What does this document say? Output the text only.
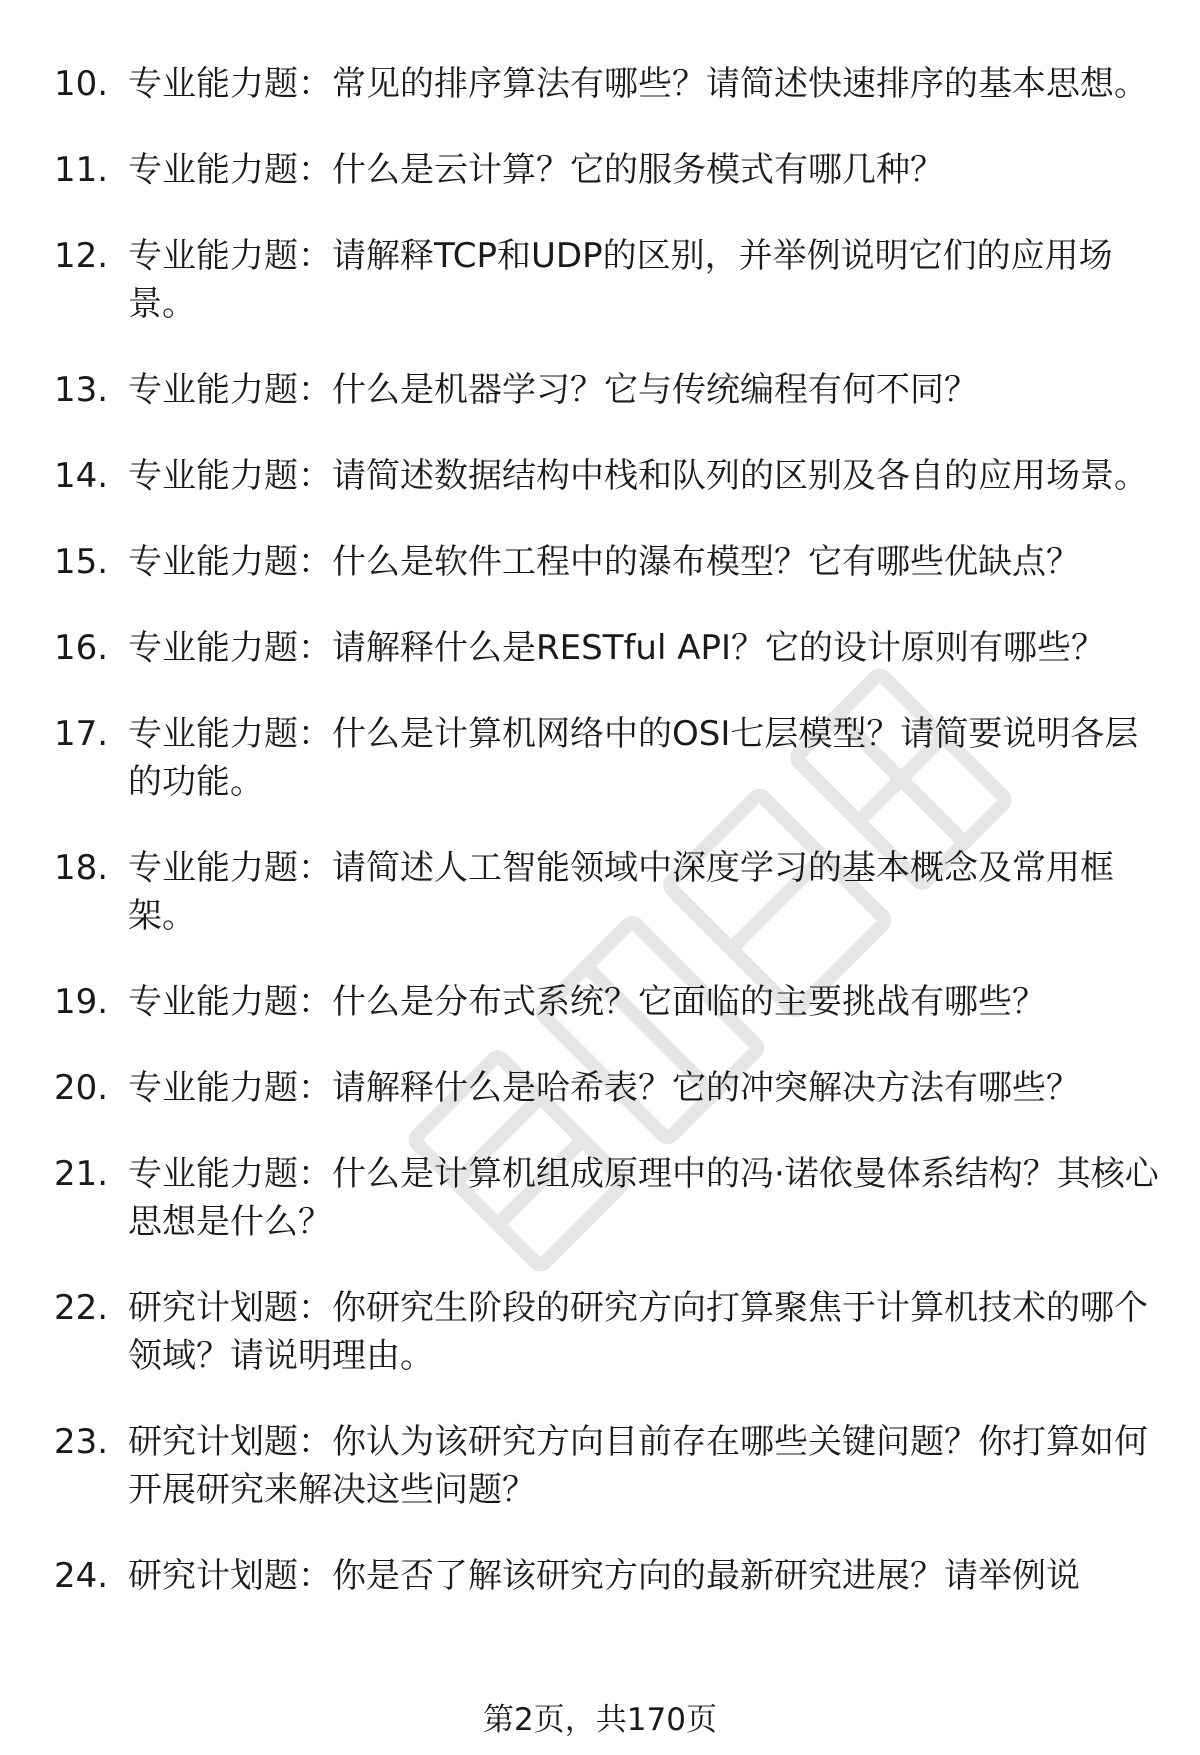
10. 专业能力题：常见的排序算法有哪些？请简述快速排序的基本思想。
11. 专业能力题：什么是云计算？它的服务模式有哪几种？
12. 专业能力题：请解释TCP和UDP的区别，并举例说明它们的应用场景。
13. 专业能力题：什么是机器学习？它与传统编程有何不同？
14. 专业能力题：请简述数据结构中栈和队列的区别及各自的应用场景。
15. 专业能力题：什么是软件工程中的瀑布模型？它有哪些优缺点？
16. 专业能力题：请解释什么是RESTful API？它的设计原则有哪些？
17. 专业能力题：什么是计算机网络中的OSI七层模型？请简要说明各层的功能。
18. 专业能力题：请简述人工智能领域中深度学习的基本概念及常用框架。
19. 专业能力题：什么是分布式系统？它面临的主要挑战有哪些？
20. 专业能力题：请解释什么是哈希表？它的冲突解决方法有哪些？
21. 专业能力题：什么是计算机组成原理中的冯·诺依曼体系结构？其核心思想是什么？
22. 研究计划题：你研究生阶段的研究方向打算聚焦于计算机技术的哪个领域？请说明理由。
23. 研究计划题：你认为该研究方向目前存在哪些关键问题？你打算如何开展研究来解决这些问题？
24. 研究计划题：你是否了解该研究方向的最新研究进展？请举例说
第2页，共170页
